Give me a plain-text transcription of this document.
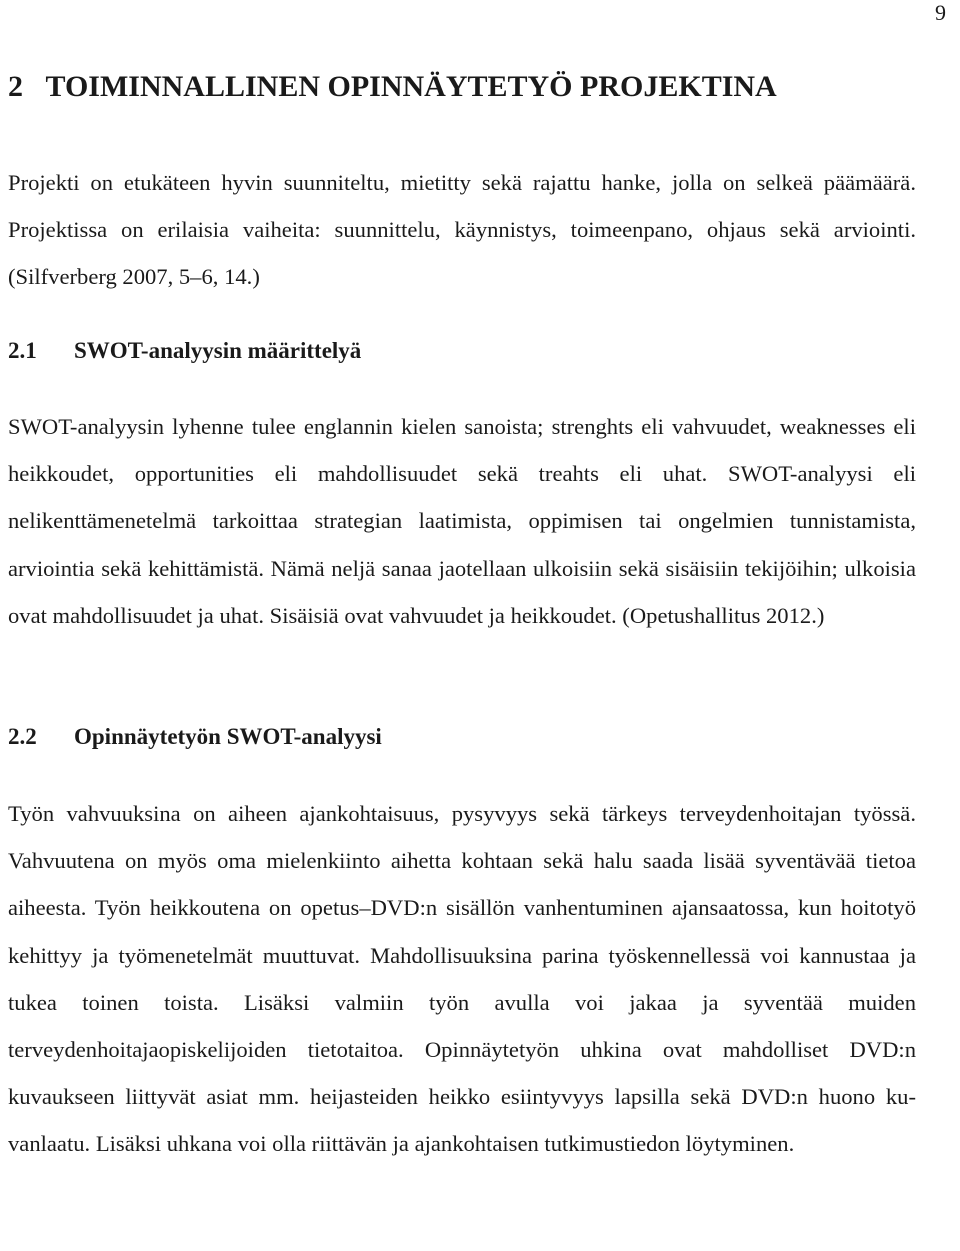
9
2 TOIMINNALLINEN OPINNÄYTETYÖ PROJEKTINA
Projekti on etukäteen hyvin suunniteltu, mietitty sekä rajattu hanke, jolla on selkeä päämäärä. Projektissa on erilaisia vaiheita: suunnittelu, käynnistys, toimeenpano, ohjaus sekä arviointi. (Silfverberg 2007, 5–6, 14.)
2.1 SWOT-analyysin määrittelyä
SWOT-analyysin lyhenne tulee englannin kielen sanoista; strenghts eli vahvuudet, weaknesses eli heikkoudet, opportunities eli mahdollisuudet sekä treahts eli uhat. SWOT-analyysi eli nelikenttämenetelmä tarkoittaa strategian laatimista, oppimisen tai ongelmien tunnistamista, arviointia sekä kehittämistä. Nämä neljä sanaa jaotellaan ulkoisiin sekä sisäisiin tekijöihin; ulkoisia ovat mahdollisuudet ja uhat. Sisäisiä ovat vahvuudet ja heikkoudet. (Opetushallitus 2012.)
2.2 Opinnäytetyön SWOT-analyysi
Työn vahvuuksina on aiheen ajankohtaisuus, pysyvyys sekä tärkeys terveydenhoitajan työssä. Vahvuutena on myös oma mielenkiinto aihetta kohtaan sekä halu saada lisää syventävää tietoa aiheesta. Työn heikkoutena on opetus–DVD:n sisällön vanhentuminen ajansaatossa, kun hoitotyö kehittyy ja työmenetelmät muuttuvat. Mahdollisuuksina parina työskennellessä voi kannustaa ja tukea toinen toista. Lisäksi valmiin työn avulla voi jakaa ja syventää muiden terveydenhoitajaopiskelijoiden tietotaitoa. Opinnäytetyön uhkina ovat mahdolliset DVD:n kuvaukseen liittyvät asiat mm. heijasteiden heikko esiintyvyys lapsilla sekä DVD:n huono kuvanlaatu. Lisäksi uhkana voi olla riittävän ja ajankohtaisen tutkimustiedon löytyminen.
